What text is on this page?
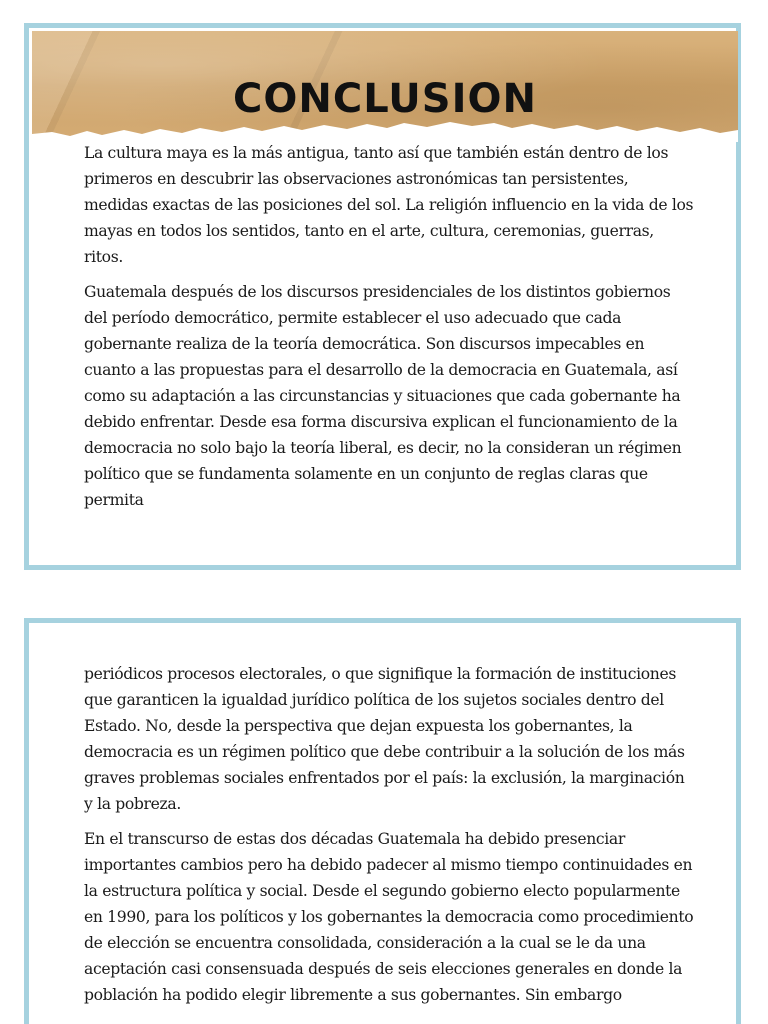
CONCLUSION

La cultura maya es la más antigua, tanto así que también están dentro de los primeros en descubrir las observaciones astronómicas tan persistentes, medidas exactas de las posiciones del sol. La religión influencio en la vida de los mayas en todos los sentidos, tanto en el arte, cultura, ceremonias, guerras, ritos.

Guatemala después de los discursos presidenciales de los distintos gobiernos del período democrático, permite establecer el uso adecuado que cada gobernante realiza de la teoría democrática. Son discursos impecables en cuanto a las propuestas para el desarrollo de la democracia en Guatemala, así como su adaptación a las circunstancias y situaciones que cada gobernante ha debido enfrentar. Desde esa forma discursiva explican el funcionamiento de la democracia no solo bajo la teoría liberal, es decir, no la consideran un régimen político que se fundamenta solamente en un conjunto de reglas claras que permita

periódicos procesos electorales, o que signifique la formación de instituciones que garanticen la igualdad jurídico política de los sujetos sociales dentro del Estado. No, desde la perspectiva que dejan expuesta los gobernantes, la democracia es un régimen político que debe contribuir a la solución de los más graves problemas sociales enfrentados por el país: la exclusión, la marginación y la pobreza.

En el transcurso de estas dos décadas Guatemala ha debido presenciar importantes cambios pero ha debido padecer al mismo tiempo continuidades en la estructura política y social. Desde el segundo gobierno electo popularmente en 1990, para los políticos y los gobernantes la democracia como procedimiento de elección se encuentra consolidada, consideración a la cual se le da una aceptación casi consensuada después de seis elecciones generales en donde la población ha podido elegir libremente a sus gobernantes. Sin embargo
